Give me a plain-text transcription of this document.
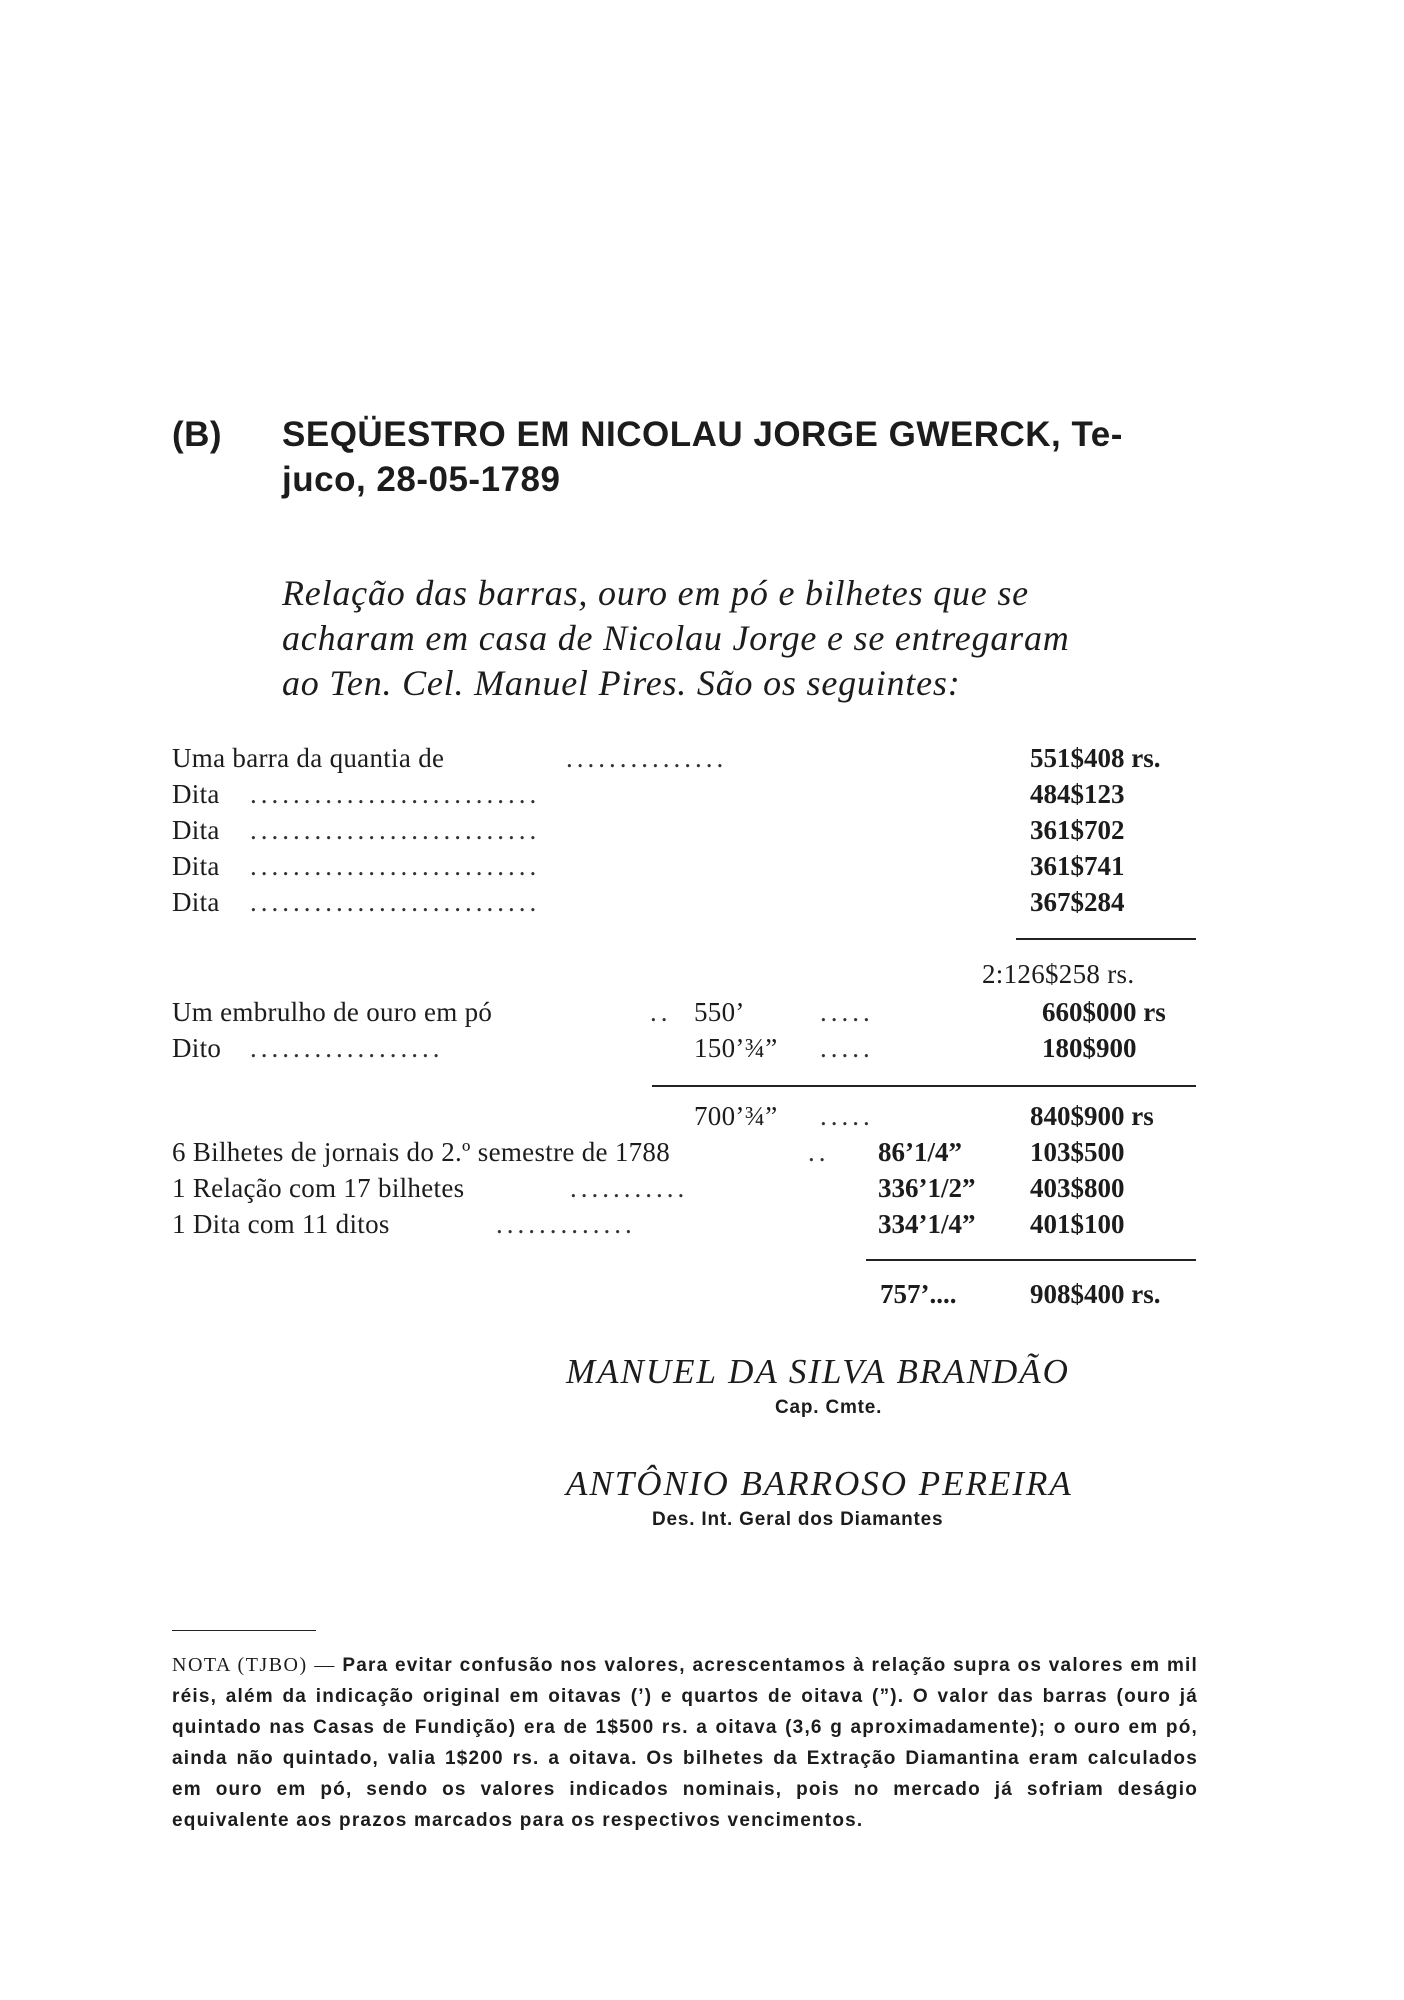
(B) SEQÜESTRO EM NICOLAU JORGE GWERCK, Te-
juco, 28-05-1789
Relação das barras, ouro em pó e bilhetes que se
acharam em casa de Nicolau Jorge e se entregaram
ao Ten. Cel. Manuel Pires. São os seguintes:
Uma barra da quantia de	...............	551$408 rs.
Dita ...........................	484$123
Dita ...........................	361$702
Dita ...........................	361$741
Dita ...........................	367$284
2:126$258 rs.
Um embrulho de ouro em pó	.. 550’	.....	660$000 rs
Dito ..................	150’¾” .....	180$900
700’¾” .....	840$900 rs
6 Bilhetes de jornais do 2.º semestre de 1788	.. 86’1/4”	103$500
1 Relação com 17 bilhetes	...........	336’1/2” 403$800
1 Dita com 11 ditos	.............	334’1/4” 401$100
757’....	908$400 rs.
MANUEL DA SILVA BRANDÃO
Cap. Cmte.
ANTÔNIO BARROSO PEREIRA
Des. Int. Geral dos Diamantes
NOTA (TJBO) — Para evitar confusão nos valores, acrescentamos à relação supra os valores em mil réis, além da indicação original em oitavas (’) e quartos de oitava (”). O valor das barras (ouro já quintado nas Casas de Fundição) era de 1$500 rs. a oitava (3,6 g aproximadamente); o ouro em pó, ainda não quintado, valia 1$200 rs. a oitava. Os bilhetes da Extração Diamantina eram calculados em ouro em pó, sendo os valores indicados nominais, pois no mercado já sofriam deságio equivalente aos prazos marcados para os respectivos vencimentos.
